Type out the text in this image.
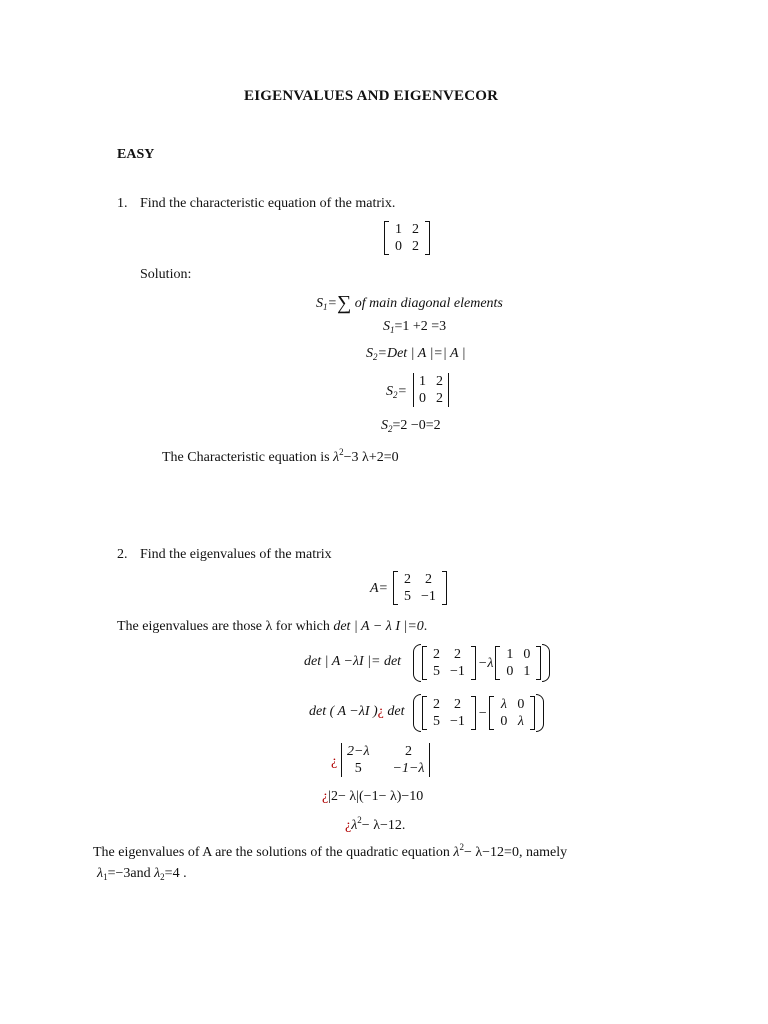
EIGENVALUES AND EIGENVECOR
EASY
1. Find the characteristic equation of the matrix.
1	2
0	2
Solution:
$S_1=\sum$ of main diagonal elements
$S_1=1 +2 =3$
$S_2=Det$ | A |=| A |
$S_2=$
1	2
0	2
$S_2=2 -0=2$
The Characteristic equation is $\lambda^2-3$ λ+2=0
2. Find the eigenvalues of the matrix
A=
2	2
5	−1
The eigenvalues are those λ for which det | A − λ I |=0.
det | A −λI |= det 2	2
5	−1
−λ
1	0
0	1
det ( A −λI )¿ det 2	2
5	−1
−
λ	0
0	λ
¿
2−λ	2
5	−1−λ
¿|2− λ|(−1− λ)−10
¿$\lambda^2- \lambda-12$.
The eigenvalues of A are the solutions of the quadratic equation $\lambda^2- \lambda-12=0$, namely
$\lambda_1=-3and$ $\lambda_2=4$ .
